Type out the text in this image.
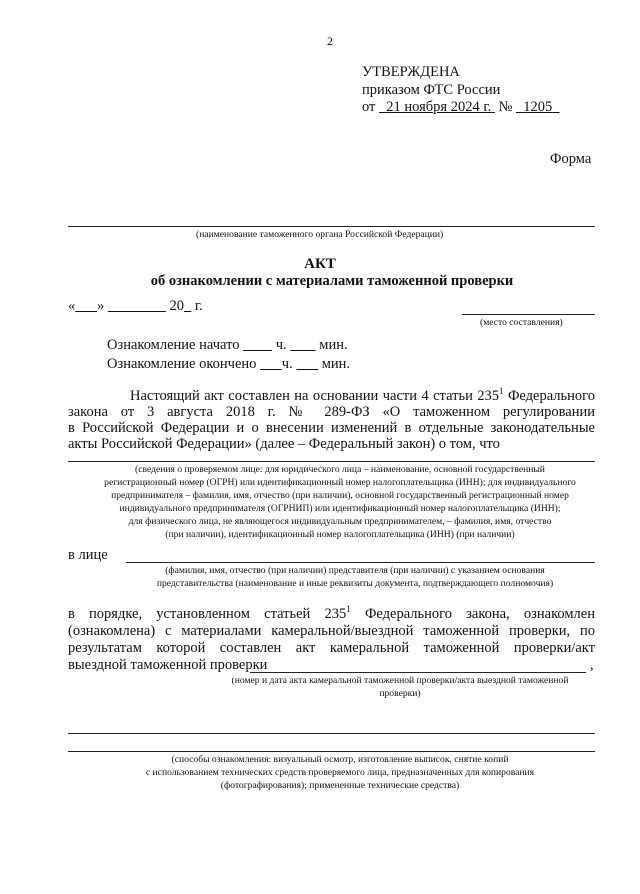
2
УТВЕРЖДЕНА
приказом ФТС России
от 21 ноября 2024 г. № 1205
Форма
(наименование таможенного органа Российской Федерации)
АКТ
об ознакомлении с материалами таможенной проверки
« »	20 г.
(место составления)
Ознакомление начато	ч. мин.
Ознакомление окончено ч. мин.
Настоящий акт составлен на основании части 4 статьи $235^1$ Федерального
закона от 3 августа 2018 г. № 289-ФЗ «О таможенном регулировании
в Российской Федерации и о внесении изменений в отдельные законодательные
акты Российской Федерации» (далее – Федеральный закон) о том, что
(сведения о проверяемом лице: для юридического лица – наименование, основной государственный
регистрационный номер (ОГРН) или идентификационный номер налогоплательщика (ИНН); для индивидуального
предпринимателя – фамилия, имя, отчество (при наличии), основной государственный регистрационный номер
индивидуального предпринимателя (ОГРНИП) или идентификационный номер налогоплательщика (ИНН);
для физического лица, не являющегося индивидуальным предпринимателем, – фамилия, имя, отчество
(при наличии), идентификационный номер налогоплательщика (ИНН) (при наличии)
в лице
(фамилия, имя, отчество (при наличии) представителя (при наличии) с указанием основания
представительства (наименование и иные реквизиты документа, подтверждающего полномочия)
в порядке, установленном статьей $235^1$ Федерального закона, ознакомлен
(ознакомлена) с материалами камеральной/выездной таможенной проверки, по
результатам которой составлен акт камеральной таможенной проверки/акт
выездной таможенной проверки	,
(номер и дата акта камеральной таможенной проверки/акта выездной таможенной
проверки)
(способы ознакомления: визуальный осмотр, изготовление выписок, снятие копий
с использованием технических средств проверяемого лица, предназначенных для копирования
(фотографирования); примененные технические средства)
